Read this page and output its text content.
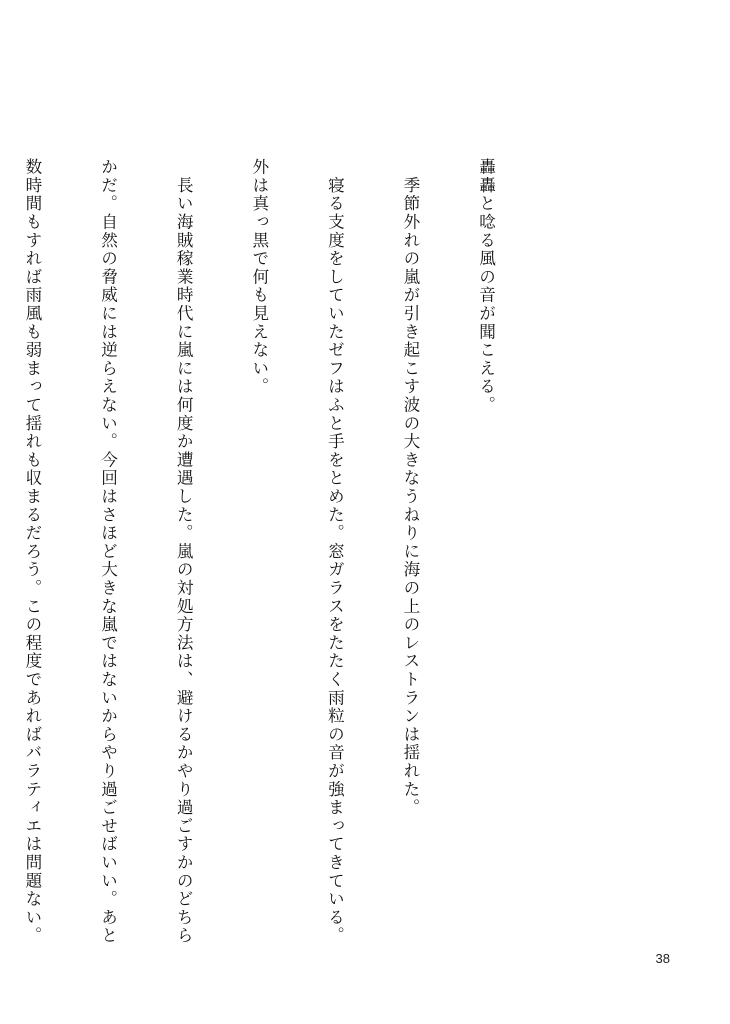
轟轟と唸る風の音が聞こえる。

　季節外れの嵐が引き起こす波の大きなうねりに海の上のレストランは揺れた。

　寝る支度をしていたゼフはふと手をとめた。窓ガラスをたたく雨粒の音が強まってきている。

外は真っ黒で何も見えない。

　長い海賊稼業時代に嵐には何度か遭遇した。嵐の対処方法は、避けるかやり過ごすかのどちら

かだ。自然の脅威には逆らえない。今回はさほど大きな嵐ではないからやり過ごせばいい。あと

数時間もすれば雨風も弱まって揺れも収まるだろう。この程度であればバラティエは問題ない。

38
